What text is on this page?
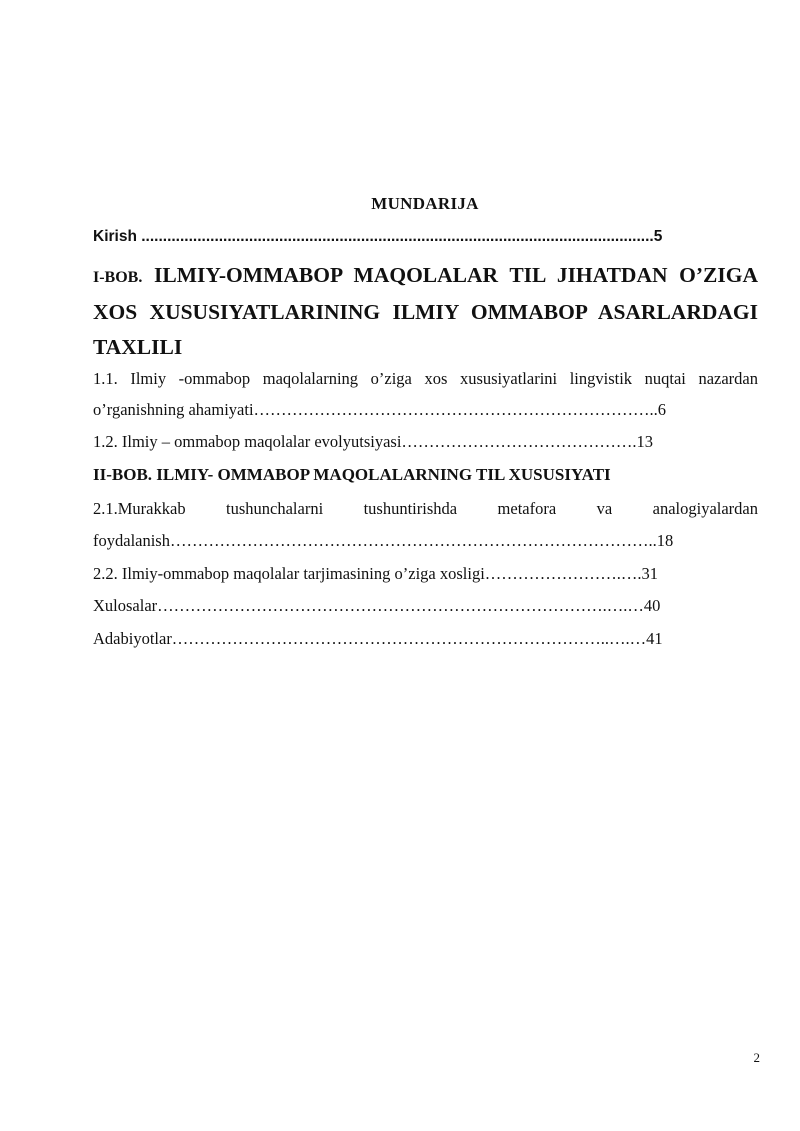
MUNDARIJA
Kirish .......................................................................................................................5
I-BOB. ILMIY-OMMABOP MAQOLALAR TIL JIHATDAN O’ZIGA XOS XUSUSIYATLARINING ILMIY OMMABOP ASARLARDAGI TAXLILI
1.1. Ilmiy -ommabop maqolalarning o’ziga xos xususiyatlarini lingvistik nuqtai nazardan
o’rganishning ahamiyati………………………………………………………………..6
1.2. Ilmiy – ommabop maqolalar evolyutsiyasi…………………………………….13
II-BOB. ILMIY- OMMABOP MAQOLALARNING TIL XUSUSIYATI
2.1.Murakkab tushunchalarni tushuntirishda metafora va analogiyalardan
foydalanish……………………………………………………………………………..18
2.2. Ilmiy-ommabop maqolalar tarjimasining o’ziga xosligi…………………….….31
Xulosalar……………………………………………………………………….….…40
Adabiyotlar……………………………………………………………………..….…41
2
